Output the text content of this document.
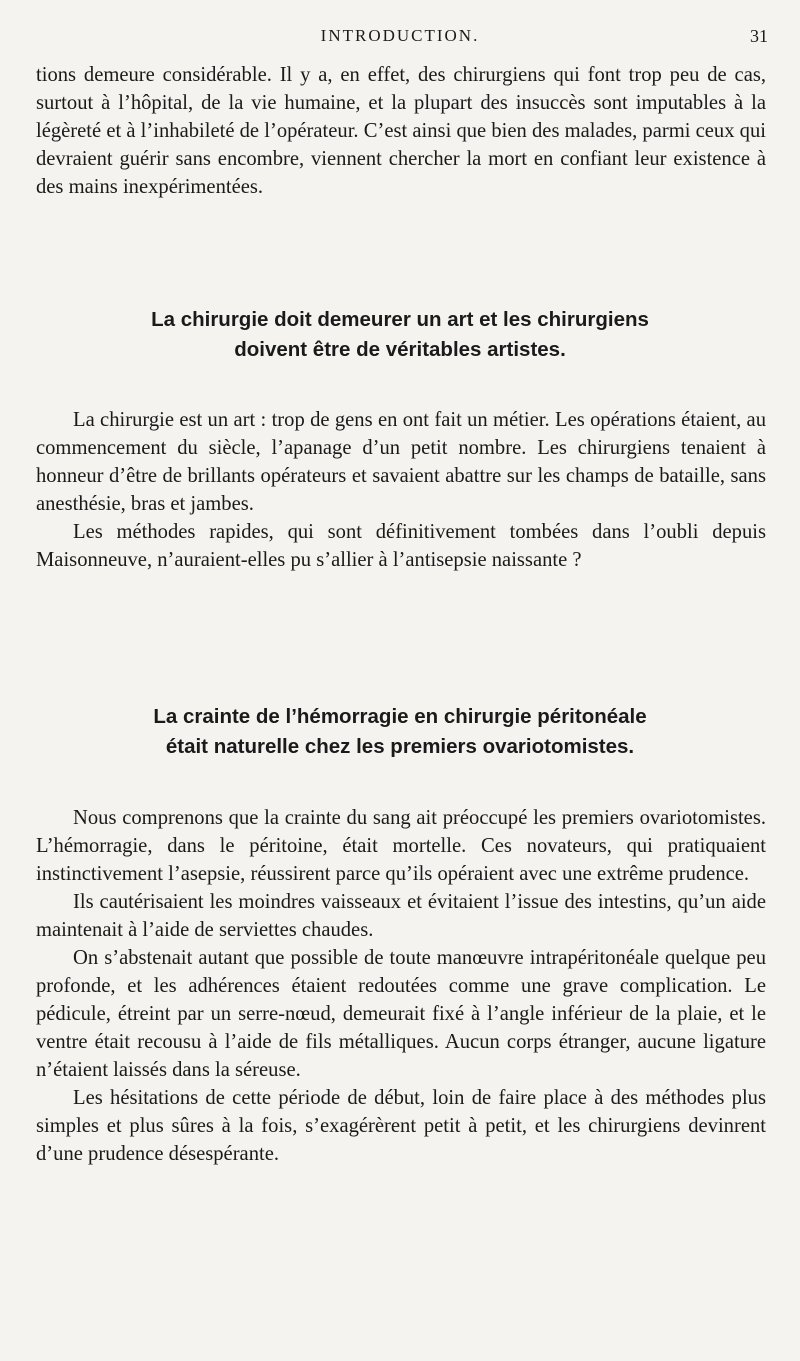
INTRODUCTION.	31

tions demeure considérable. Il y a, en effet, des chirurgiens qui font trop peu de cas, surtout à l’hôpital, de la vie humaine, et la plupart des insuccès sont imputables à la légèreté et à l’inhabileté de l’opérateur. C’est ainsi que bien des malades, parmi ceux qui devraient guérir sans encombre, viennent chercher la mort en confiant leur existence à des mains inexpérimentées.

La chirurgie doit demeurer un art et les chirurgiens
doivent être de véritables artistes.

La chirurgie est un art : trop de gens en ont fait un métier. Les opérations étaient, au commencement du siècle, l’apanage d’un petit nombre. Les chirurgiens tenaient à honneur d’être de brillants opérateurs et savaient abattre sur les champs de bataille, sans anesthésie, bras et jambes.

Les méthodes rapides, qui sont définitivement tombées dans l’oubli depuis Maisonneuve, n’auraient-elles pu s’allier à l’antisepsie naissante ?

La crainte de l’hémorragie en chirurgie péritonéale
était naturelle chez les premiers ovariotomistes.

Nous comprenons que la crainte du sang ait préoccupé les premiers ovariotomistes. L’hémorragie, dans le péritoine, était mortelle. Ces novateurs, qui pratiquaient instinctivement l’asepsie, réussirent parce qu’ils opéraient avec une extrême prudence.

Ils cautérisaient les moindres vaisseaux et évitaient l’issue des intestins, qu’un aide maintenait à l’aide de serviettes chaudes.

On s’abstenait autant que possible de toute manœuvre intrapéritonéale quelque peu profonde, et les adhérences étaient redoutées comme une grave complication. Le pédicule, étreint par un serre-nœud, demeurait fixé à l’angle inférieur de la plaie, et le ventre était recousu à l’aide de fils métalliques. Aucun corps étranger, aucune ligature n’étaient laissés dans la séreuse.

Les hésitations de cette période de début, loin de faire place à des méthodes plus simples et plus sûres à la fois, s’exagérèrent petit à petit, et les chirurgiens devinrent d’une prudence désespérante.
